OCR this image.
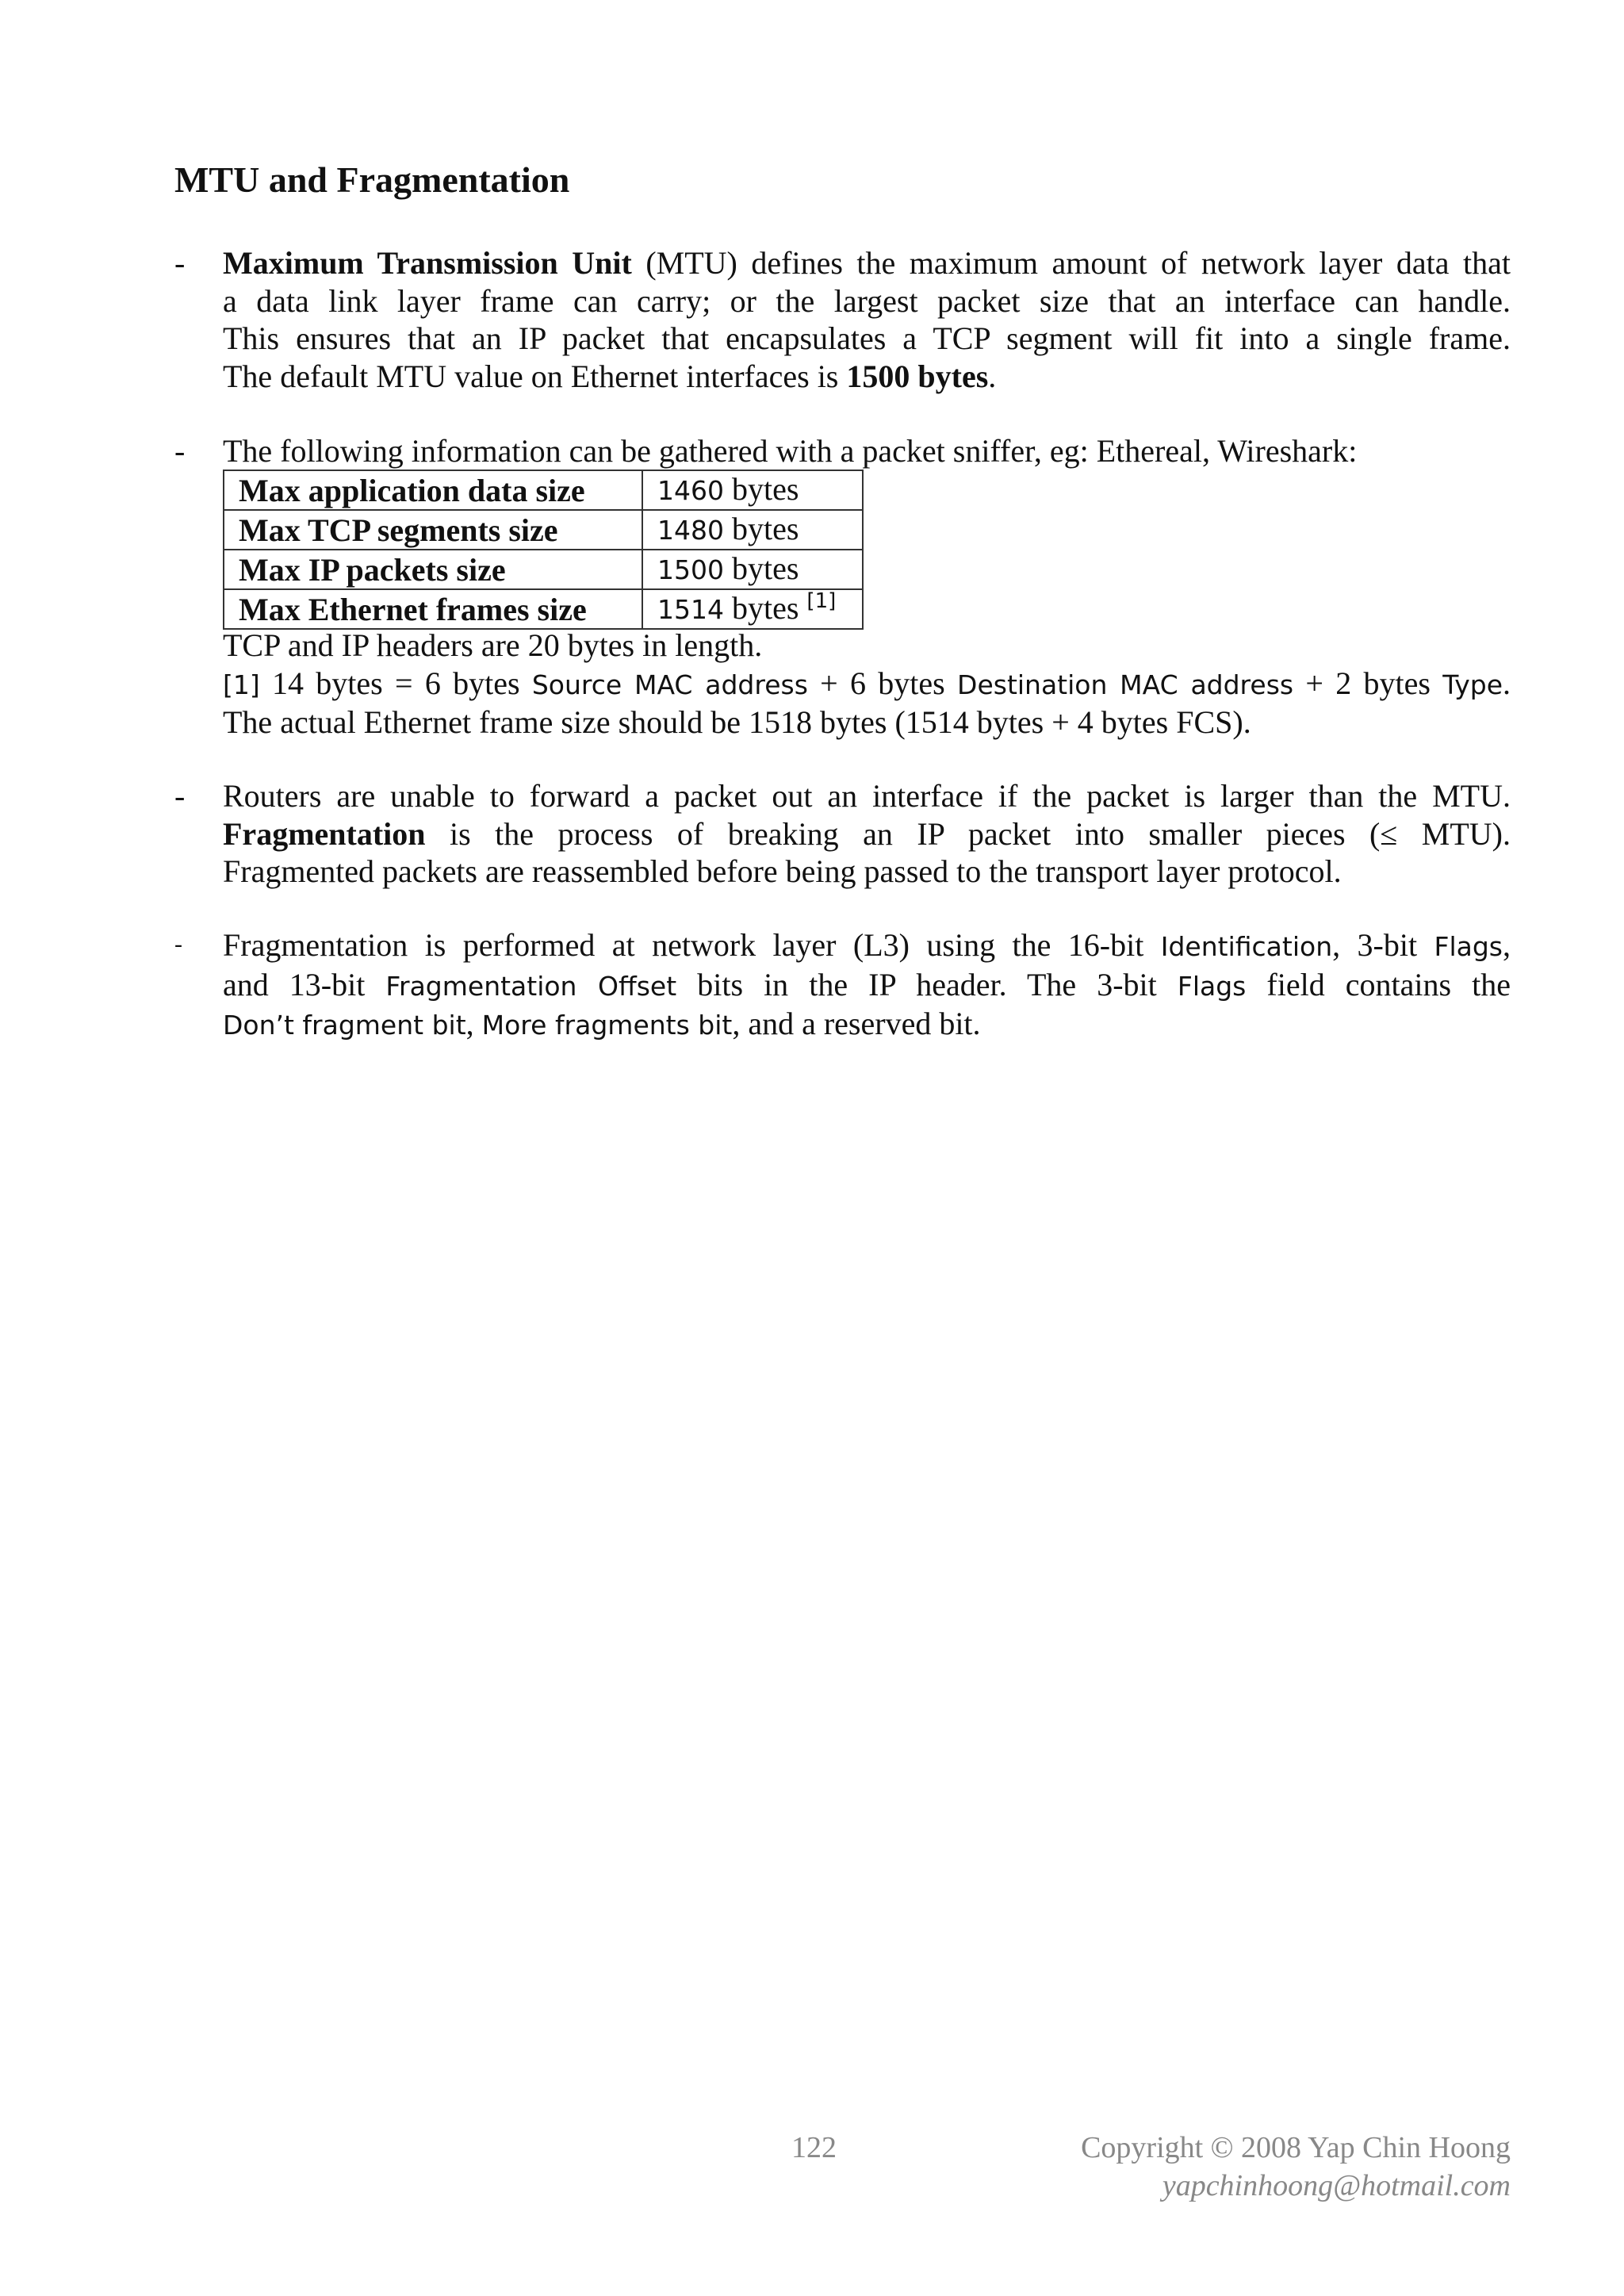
MTU and Fragmentation
- Maximum Transmission Unit (MTU) defines the maximum amount of network layer data that
a data link layer frame can carry; or the largest packet size that an interface can handle.
This ensures that an IP packet that encapsulates a TCP segment will fit into a single frame.
The default MTU value on Ethernet interfaces is 1500 bytes.
- The following information can be gathered with a packet sniffer, eg: Ethereal, Wireshark:
Max application data size	1460 bytes
Max TCP segments size	1480 bytes
Max IP packets size	1500 bytes
Max Ethernet frames size	1514 bytes [1]
TCP and IP headers are 20 bytes in length.
[1] 14 bytes = 6 bytes Source MAC address + 6 bytes Destination MAC address + 2 bytes Type.
The actual Ethernet frame size should be 1518 bytes (1514 bytes + 4 bytes FCS).
- Routers are unable to forward a packet out an interface if the packet is larger than the MTU.
Fragmentation is the process of breaking an IP packet into smaller pieces (≤ MTU).
Fragmented packets are reassembled before being passed to the transport layer protocol.
- Fragmentation is performed at network layer (L3) using the 16-bit Identification, 3-bit Flags,
and 13-bit Fragmentation Offset bits in the IP header. The 3-bit Flags field contains the
Don’t fragment bit, More fragments bit, and a reserved bit.
122	Copyright © 2008 Yap Chin Hoong
yapchinhoong@hotmail.com
